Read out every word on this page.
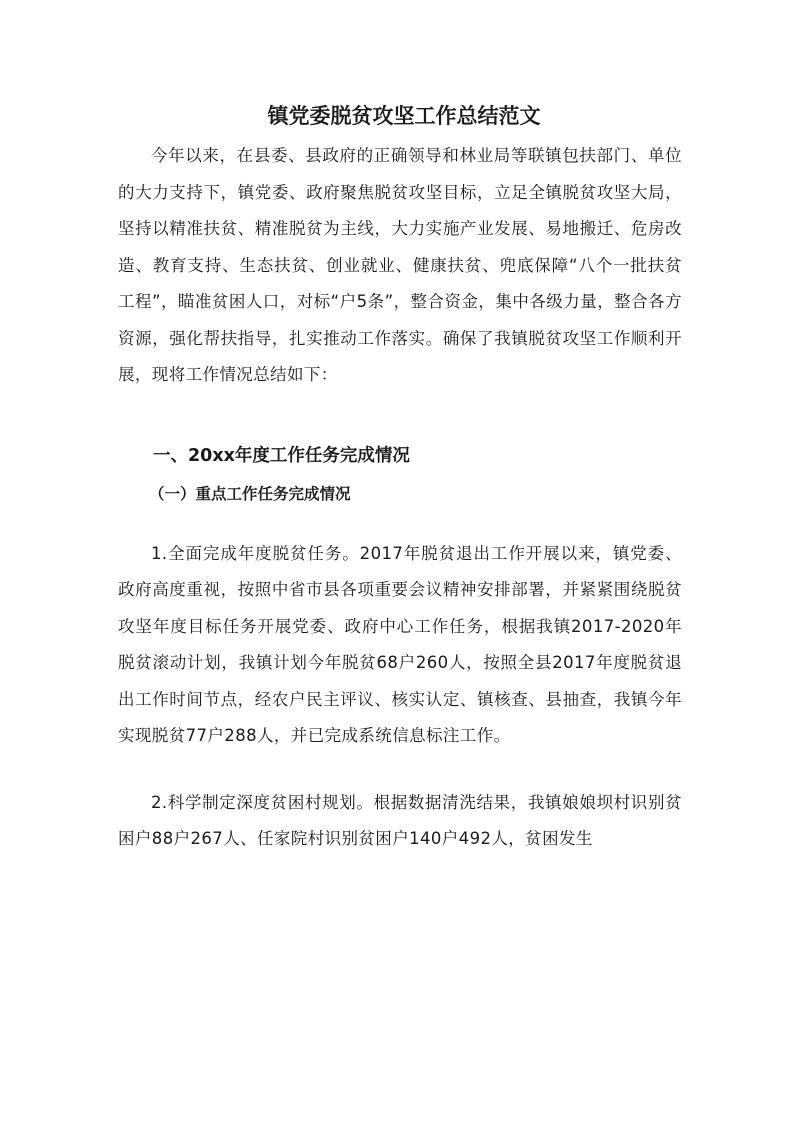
镇党委脱贫攻坚工作总结范文

今年以来，在县委、县政府的正确领导和林业局等联镇包扶部门、单位的大力支持下，镇党委、政府聚焦脱贫攻坚目标，立足全镇脱贫攻坚大局，坚持以精准扶贫、精准脱贫为主线，大力实施产业发展、易地搬迁、危房改造、教育支持、生态扶贫、创业就业、健康扶贫、兜底保障“八个一批扶贫工程”，瞄准贫困人口，对标“户5条”，整合资金，集中各级力量，整合各方资源，强化帮扶指导，扎实推动工作落实。确保了我镇脱贫攻坚工作顺利开展，现将工作情况总结如下：

一、20xx年度工作任务完成情况
（一）重点工作任务完成情况

1.全面完成年度脱贫任务。2017年脱贫退出工作开展以来，镇党委、政府高度重视，按照中省市县各项重要会议精神安排部署，并紧紧围绕脱贫攻坚年度目标任务开展党委、政府中心工作任务，根据我镇2017-2020年脱贫滚动计划，我镇计划今年脱贫68户260人，按照全县2017年度脱贫退出工作时间节点，经农户民主评议、核实认定、镇核查、县抽查，我镇今年实现脱贫77户288人，并已完成系统信息标注工作。

2.科学制定深度贫困村规划。根据数据清洗结果，我镇娘娘坝村识别贫困户88户267人、任家院村识别贫困户140户492人，贫困发生
